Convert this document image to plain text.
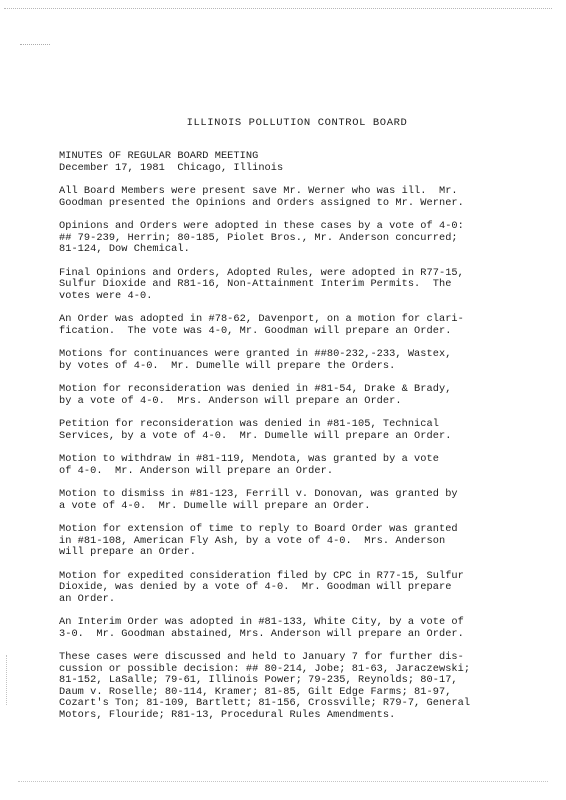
ILLINOIS POLLUTION CONTROL BOARD
MINUTES OF REGULAR BOARD MEETING
December 17, 1981  Chicago, Illinois
All Board Members were present save Mr. Werner who was ill.  Mr.
Goodman presented the Opinions and Orders assigned to Mr. Werner.
Opinions and Orders were adopted in these cases by a vote of 4-0:
## 79-239, Herrin; 80-185, Piolet Bros., Mr. Anderson concurred;
81-124, Dow Chemical.
Final Opinions and Orders, Adopted Rules, were adopted in R77-15,
Sulfur Dioxide and R81-16, Non-Attainment Interim Permits.  The
votes were 4-0.
An Order was adopted in #78-62, Davenport, on a motion for clari-
fication.  The vote was 4-0, Mr. Goodman will prepare an Order.
Motions for continuances were granted in ##80-232,-233, Wastex,
by votes of 4-0.  Mr. Dumelle will prepare the Orders.
Motion for reconsideration was denied in #81-54, Drake & Brady,
by a vote of 4-0.  Mrs. Anderson will prepare an Order.
Petition for reconsideration was denied in #81-105, Technical
Services, by a vote of 4-0.  Mr. Dumelle will prepare an Order.
Motion to withdraw in #81-119, Mendota, was granted by a vote
of 4-0.  Mr. Anderson will prepare an Order.
Motion to dismiss in #81-123, Ferrill v. Donovan, was granted by
a vote of 4-0.  Mr. Dumelle will prepare an Order.
Motion for extension of time to reply to Board Order was granted
in #81-108, American Fly Ash, by a vote of 4-0.  Mrs. Anderson
will prepare an Order.
Motion for expedited consideration filed by CPC in R77-15, Sulfur
Dioxide, was denied by a vote of 4-0.  Mr. Goodman will prepare
an Order.
An Interim Order was adopted in #81-133, White City, by a vote of
3-0.  Mr. Goodman abstained, Mrs. Anderson will prepare an Order.
These cases were discussed and held to January 7 for further dis-
cussion or possible decision: ## 80-214, Jobe; 81-63, Jaraczewski;
81-152, LaSalle; 79-61, Illinois Power; 79-235, Reynolds; 80-17,
Daum v. Roselle; 80-114, Kramer; 81-85, Gilt Edge Farms; 81-97,
Cozart's Ton; 81-109, Bartlett; 81-156, Crossville; R79-7, General
Motors, Flouride; R81-13, Procedural Rules Amendments.
